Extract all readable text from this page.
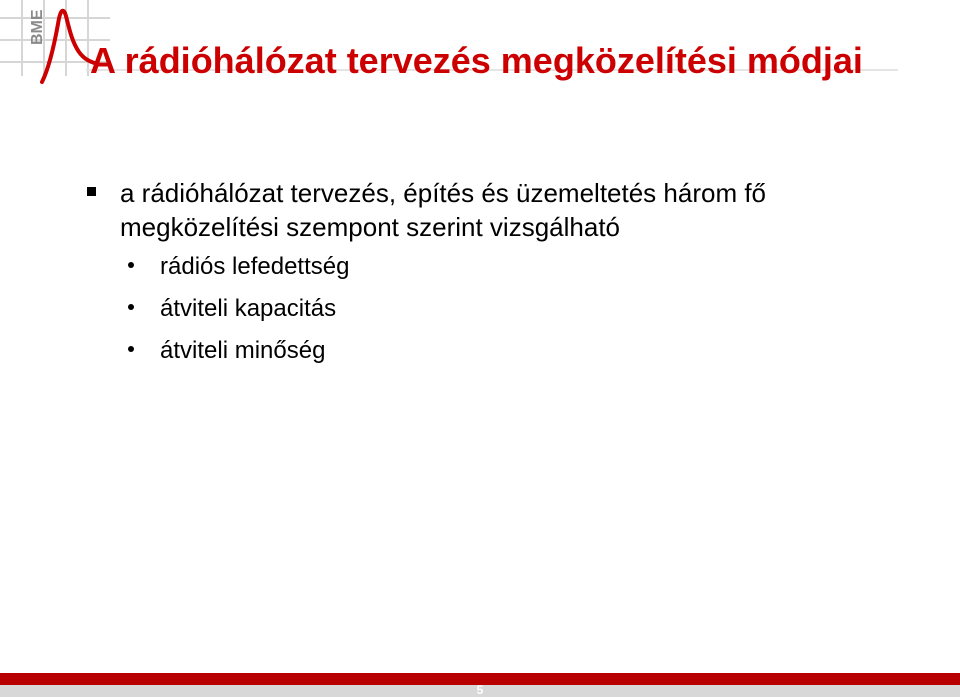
BME
A rádióhálózat tervezés megközelítési módjai
a rádióhálózat tervezés, építés és üzemeltetés három fő megközelítési szempont szerint vizsgálható
rádiós lefedettség
átviteli kapacitás
átviteli minőség
5
